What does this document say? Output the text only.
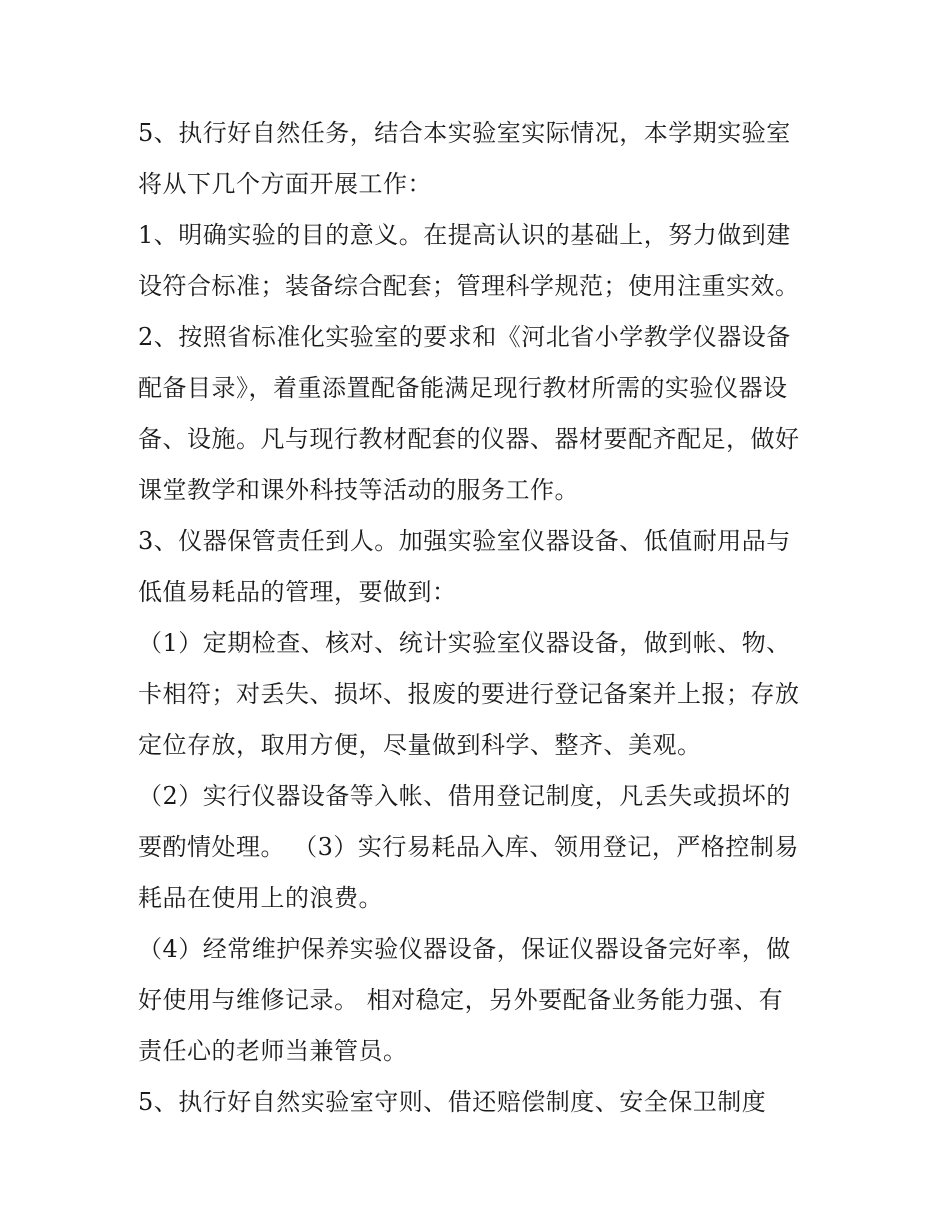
5、执行好自然任务，结合本实验室实际情况，本学期实验室
将从下几个方面开展工作：
1、明确实验的目的意义。在提高认识的基础上，努力做到建
设符合标准；装备综合配套；管理科学规范；使用注重实效。
2、按照省标准化实验室的要求和《河北省小学教学仪器设备
配备目录》，着重添置配备能满足现行教材所需的实验仪器设
备、设施。凡与现行教材配套的仪器、器材要配齐配足，做好
课堂教学和课外科技等活动的服务工作。
3、仪器保管责任到人。加强实验室仪器设备、低值耐用品与
低值易耗品的管理，要做到：
（1）定期检查、核对、统计实验室仪器设备，做到帐、物、
卡相符；对丢失、损坏、报废的要进行登记备案并上报；存放
定位存放，取用方便，尽量做到科学、整齐、美观。
（2）实行仪器设备等入帐、借用登记制度，凡丢失或损坏的
要酌情处理。 （3）实行易耗品入库、领用登记，严格控制易
耗品在使用上的浪费。
（4）经常维护保养实验仪器设备，保证仪器设备完好率，做
好使用与维修记录。 相对稳定，另外要配备业务能力强、有
责任心的老师当兼管员。
5、执行好自然实验室守则、借还赔偿制度、安全保卫制度
